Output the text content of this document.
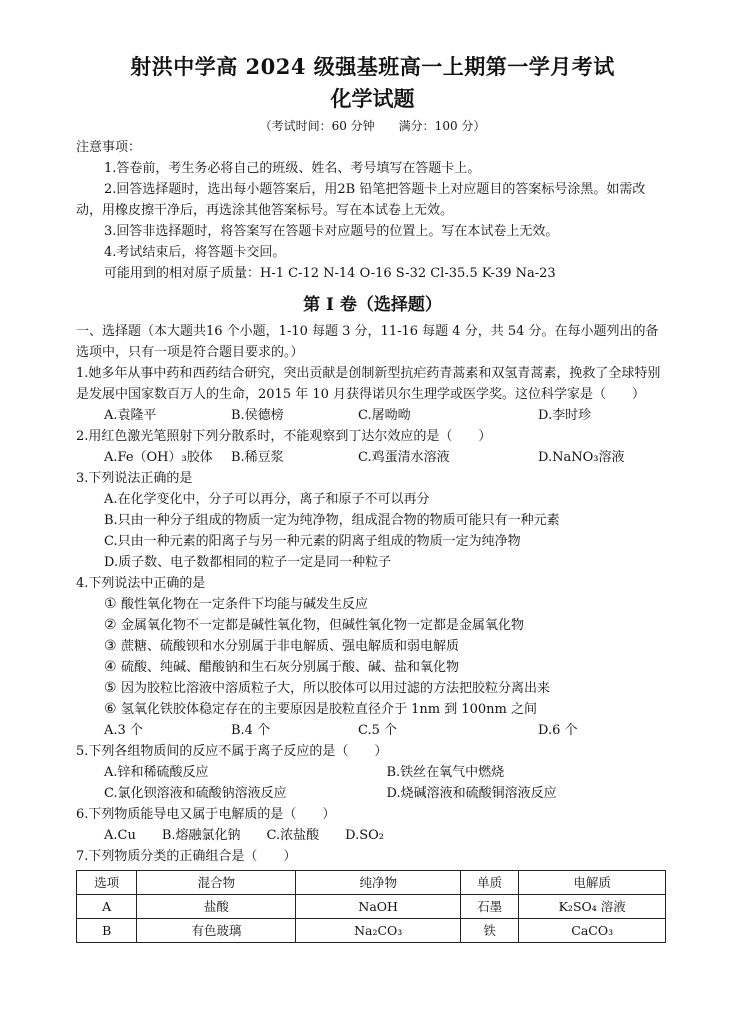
射洪中学高 2024 级强基班高一上期第一学月考试
化学试题
（考试时间：60 分钟　　满分：100 分）
注意事项：
1.答卷前，考生务必将自己的班级、姓名、考号填写在答题卡上。
2.回答选择题时，选出每小题答案后，用2B 铅笔把答题卡上对应题目的答案标号涂黑。如需改动，用橡皮擦干净后，再选涂其他答案标号。写在本试卷上无效。
3.回答非选择题时，将答案写在答题卡对应题号的位置上。写在本试卷上无效。
4.考试结束后，将答题卡交回。
可能用到的相对原子质量：H-1 C-12 N-14 O-16 S-32 Cl-35.5 K-39 Na-23
第 I 卷（选择题）
一、选择题（本大题共16 个小题，1-10 每题 3 分，11-16 每题 4 分，共 54 分。在每小题列出的备选项中，只有一项是符合题目要求的。）
1.她多年从事中药和西药结合研究，突出贡献是创制新型抗疟药青蒿素和双氢青蒿素，挽救了全球特别是发展中国家数百万人的生命，2015 年 10 月获得诺贝尔生理学或医学奖。这位科学家是（　　）
A.袁隆平	B.侯德榜	C.屠呦呦	D.李时珍
2.用红色激光笔照射下列分散系时，不能观察到丁达尔效应的是（　　）
A.Fe（OH）₃胶体	B.稀豆浆	C.鸡蛋清水溶液	D.NaNO₃溶液
3.下列说法正确的是
A.在化学变化中，分子可以再分，离子和原子不可以再分
B.只由一种分子组成的物质一定为纯净物，组成混合物的物质可能只有一种元素
C.只由一种元素的阳离子与另一种元素的阴离子组成的物质一定为纯净物
D.质子数、电子数都相同的粒子一定是同一种粒子
4.下列说法中正确的是
① 酸性氧化物在一定条件下均能与碱发生反应
② 金属氧化物不一定都是碱性氧化物，但碱性氧化物一定都是金属氧化物
③ 蔗糖、硫酸钡和水分别属于非电解质、强电解质和弱电解质
④ 硫酸、纯碱、醋酸钠和生石灰分别属于酸、碱、盐和氧化物
⑤ 因为胶粒比溶液中溶质粒子大，所以胶体可以用过滤的方法把胶粒分离出来
⑥ 氢氧化铁胶体稳定存在的主要原因是胶粒直径介于 1nm 到 100nm 之间
A.3 个	B.4 个	C.5 个	D.6 个
5.下列各组物质间的反应不属于离子反应的是（　　）
A.锌和稀硫酸反应	B.铁丝在氧气中燃烧
C.氯化钡溶液和硫酸钠溶液反应	D.烧碱溶液和硫酸铜溶液反应
6.下列物质能导电又属于电解质的是（　　）
A.Cu B.熔融氯化钠 C.浓盐酸 D.SO₂
7.下列物质分类的正确组合是（　　）
选项	混合物	纯净物	单质	电解质
A	盐酸	NaOH	石墨	K₂SO₄ 溶液
B	有色玻璃	Na₂CO₃	铁	CaCO₃
